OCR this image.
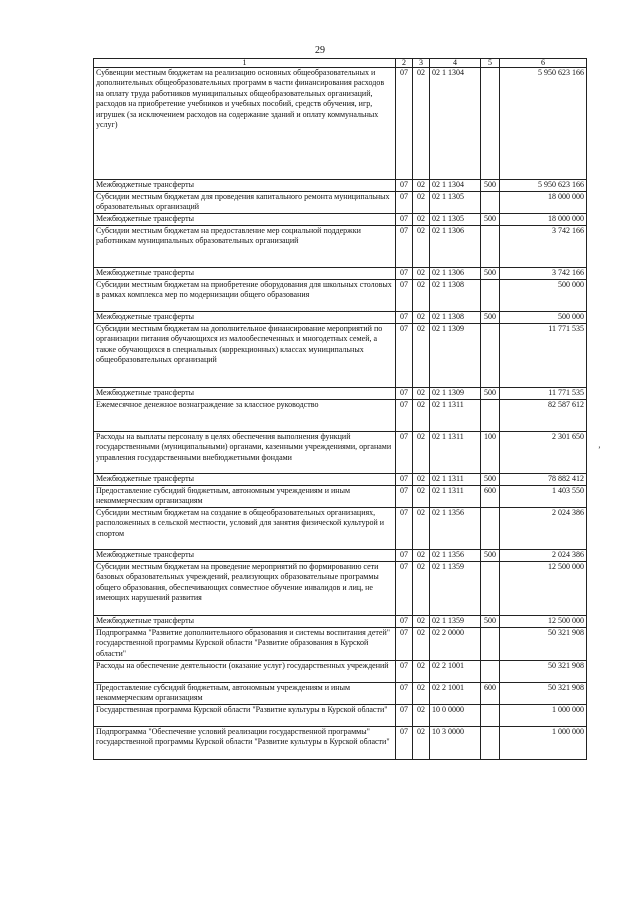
29
ʼ
1	2	3	4	5	6
Субвенции местным бюджетам на реализацию основных общеобразовательных и дополнительных общеобразовательных программ в части финансирования расходов на оплату труда работников муниципальных общеобразовательных организаций, расходов на приобретение учебников и учебных пособий, средств обучения, игр, игрушек (за исключением расходов на содержание зданий и оплату коммунальных услуг)	07	02	02 1 1304		5 950 623 166
Межбюджетные трансферты	07	02	02 1 1304	500	5 950 623 166
Субсидии местным бюджетам для проведения капитального ремонта муниципальных образовательных организаций	07	02	02 1 1305		18 000 000
Межбюджетные трансферты	07	02	02 1 1305	500	18 000 000
Субсидии местным бюджетам на предоставление мер социальной поддержки работникам муниципальных образовательных организаций	07	02	02 1 1306		3 742 166
Межбюджетные трансферты	07	02	02 1 1306	500	3 742 166
Субсидии местным бюджетам на приобретение оборудования для школьных столовых в рамках комплекса мер по модернизации общего образования	07	02	02 1 1308		500 000
Межбюджетные трансферты	07	02	02 1 1308	500	500 000
Субсидии местным бюджетам на дополнительное финансирование мероприятий по организации питания обучающихся из малообеспеченных и многодетных семей, а также обучающихся в специальных (коррекционных) классах муниципальных общеобразовательных организаций	07	02	02 1 1309		11 771 535
Межбюджетные трансферты	07	02	02 1 1309	500	11 771 535
Ежемесячное денежное вознаграждение за классное руководство	07	02	02 1 1311		82 587 612
Расходы на выплаты персоналу в целях обеспечения выполнения функций государственными (муниципальными) органами, казенными учреждениями, органами управления государственными внебюджетными фондами	07	02	02 1 1311	100	2 301 650
Межбюджетные трансферты	07	02	02 1 1311	500	78 882 412
Предоставление субсидий бюджетным, автономным учреждениям и иным некоммерческим организациям	07	02	02 1 1311	600	1 403 550
Субсидии местным бюджетам на создание в общеобразовательных организациях, расположенных в сельской местности, условий для занятия физической культурой и спортом	07	02	02 1 1356		2 024 386
Межбюджетные трансферты	07	02	02 1 1356	500	2 024 386
Субсидии местным бюджетам на проведение мероприятий по формированию сети базовых образовательных учреждений, реализующих образовательные программы общего образования, обеспечивающих совместное обучение инвалидов и лиц, не имеющих нарушений развития	07	02	02 1 1359		12 500 000
Межбюджетные трансферты	07	02	02 1 1359	500	12 500 000
Подпрограмма "Развитие дополнительного образования и системы воспитания детей" государственной программы Курской области "Развитие образования в Курской области"	07	02	02 2 0000		50 321 908
Расходы на обеспечение деятельности (оказание услуг) государственных учреждений	07	02	02 2 1001		50 321 908
Предоставление субсидий бюджетным, автономным учреждениям и иным некоммерческим организациям	07	02	02 2 1001	600	50 321 908
Государственная программа Курской области "Развитие культуры в Курской области"	07	02	10 0 0000		1 000 000
Подпрограмма "Обеспечение условий реализации государственной программы" государственной программы Курской области "Развитие культуры в Курской области"	07	02	10 3 0000		1 000 000
